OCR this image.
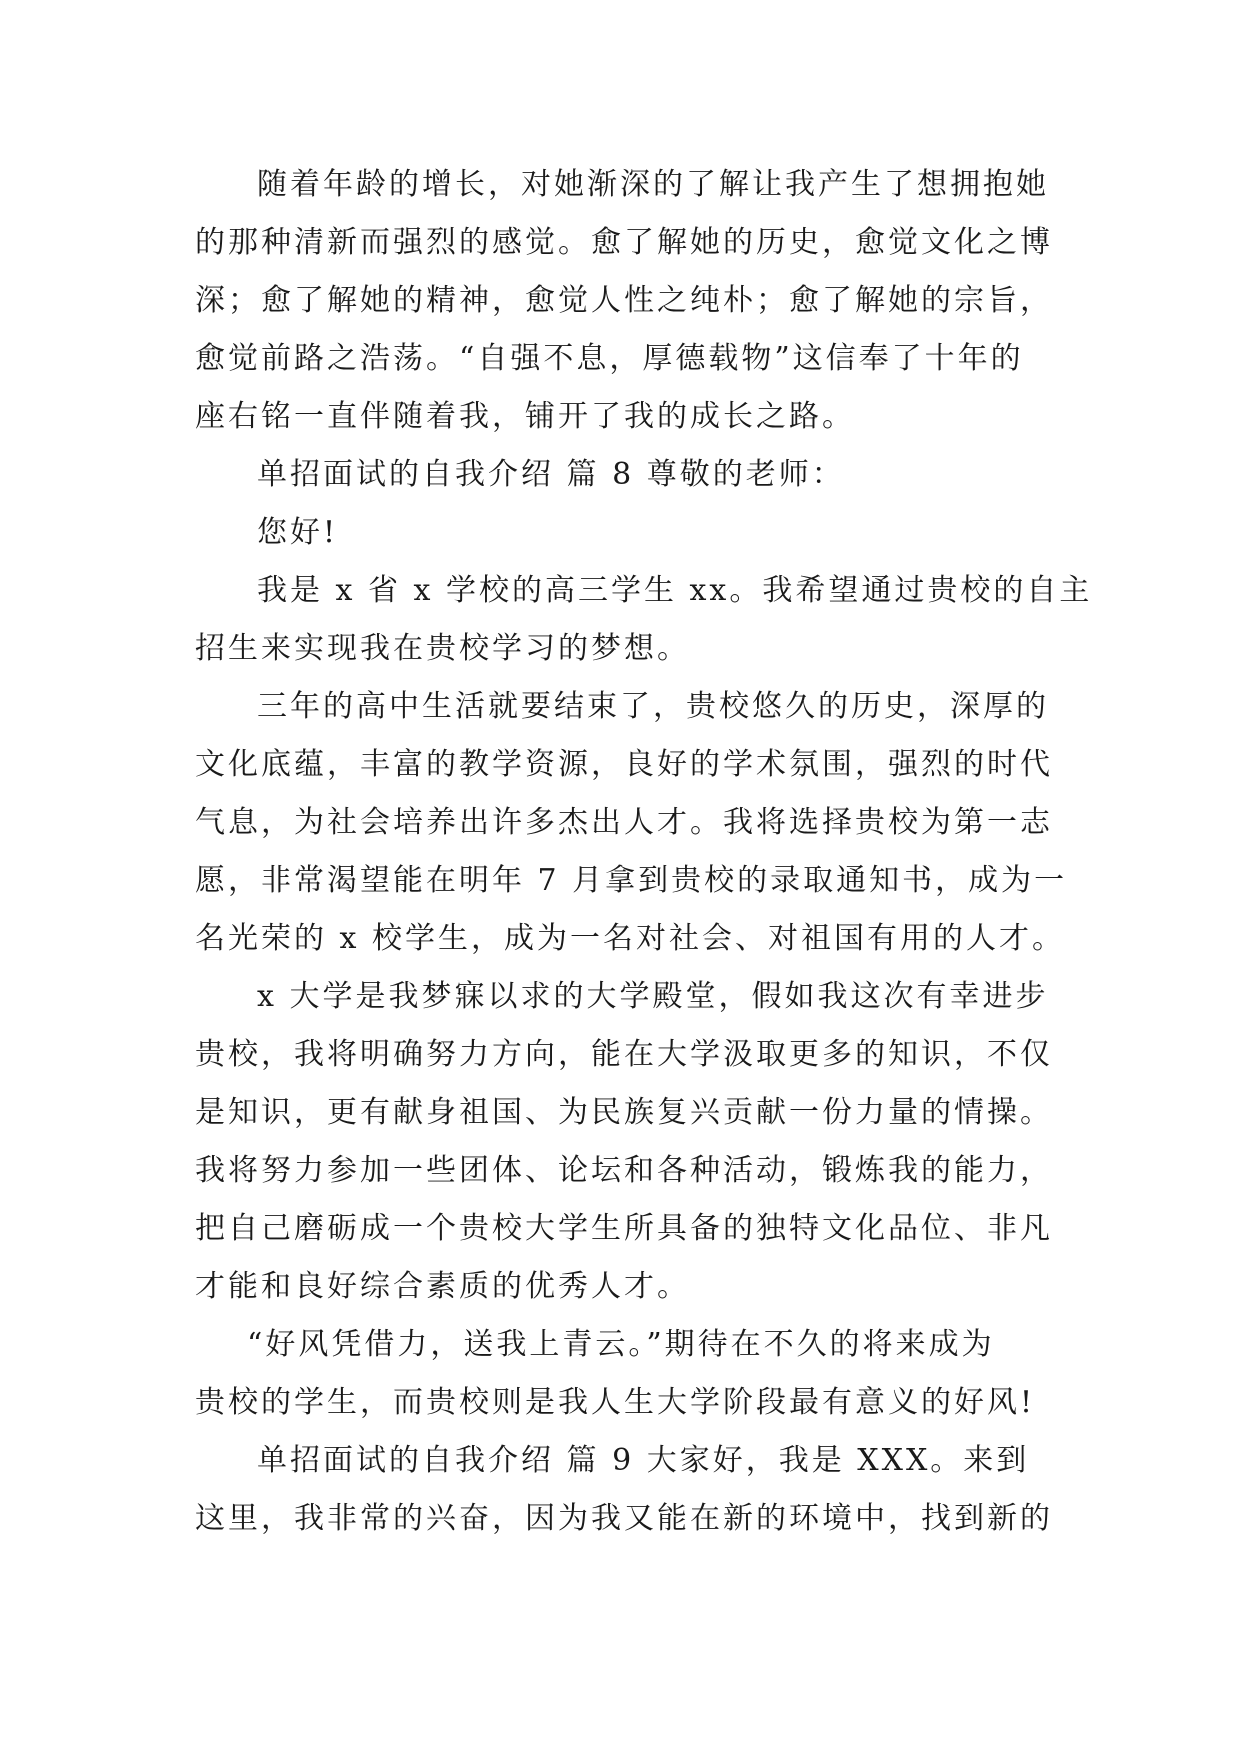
随着年龄的增长，对她渐深的了解让我产生了想拥抱她
的那种清新而强烈的感觉。愈了解她的历史，愈觉文化之博
深；愈了解她的精神，愈觉人性之纯朴；愈了解她的宗旨，
愈觉前路之浩荡。“自强不息，厚德载物”这信奉了十年的
座右铭一直伴随着我，铺开了我的成长之路。
单招面试的自我介绍 篇 8 尊敬的老师：
您好!
我是 x 省 x 学校的高三学生 xx。我希望通过贵校的自主
招生来实现我在贵校学习的梦想。
三年的高中生活就要结束了，贵校悠久的历史，深厚的
文化底蕴，丰富的教学资源，良好的学术氛围，强烈的时代
气息，为社会培养出许多杰出人才。我将选择贵校为第一志
愿，非常渴望能在明年 7 月拿到贵校的录取通知书，成为一
名光荣的 x 校学生，成为一名对社会、对祖国有用的人才。
x 大学是我梦寐以求的大学殿堂，假如我这次有幸进步
贵校，我将明确努力方向，能在大学汲取更多的知识，不仅
是知识，更有献身祖国、为民族复兴贡献一份力量的情操。
我将努力参加一些团体、论坛和各种活动，锻炼我的能力，
把自己磨砺成一个贵校大学生所具备的独特文化品位、非凡
才能和良好综合素质的优秀人才。
“好风凭借力，送我上青云。”期待在不久的将来成为
贵校的学生，而贵校则是我人生大学阶段最有意义的好风!
单招面试的自我介绍 篇 9 大家好，我是 XXX。来到
这里，我非常的兴奋，因为我又能在新的环境中，找到新的
